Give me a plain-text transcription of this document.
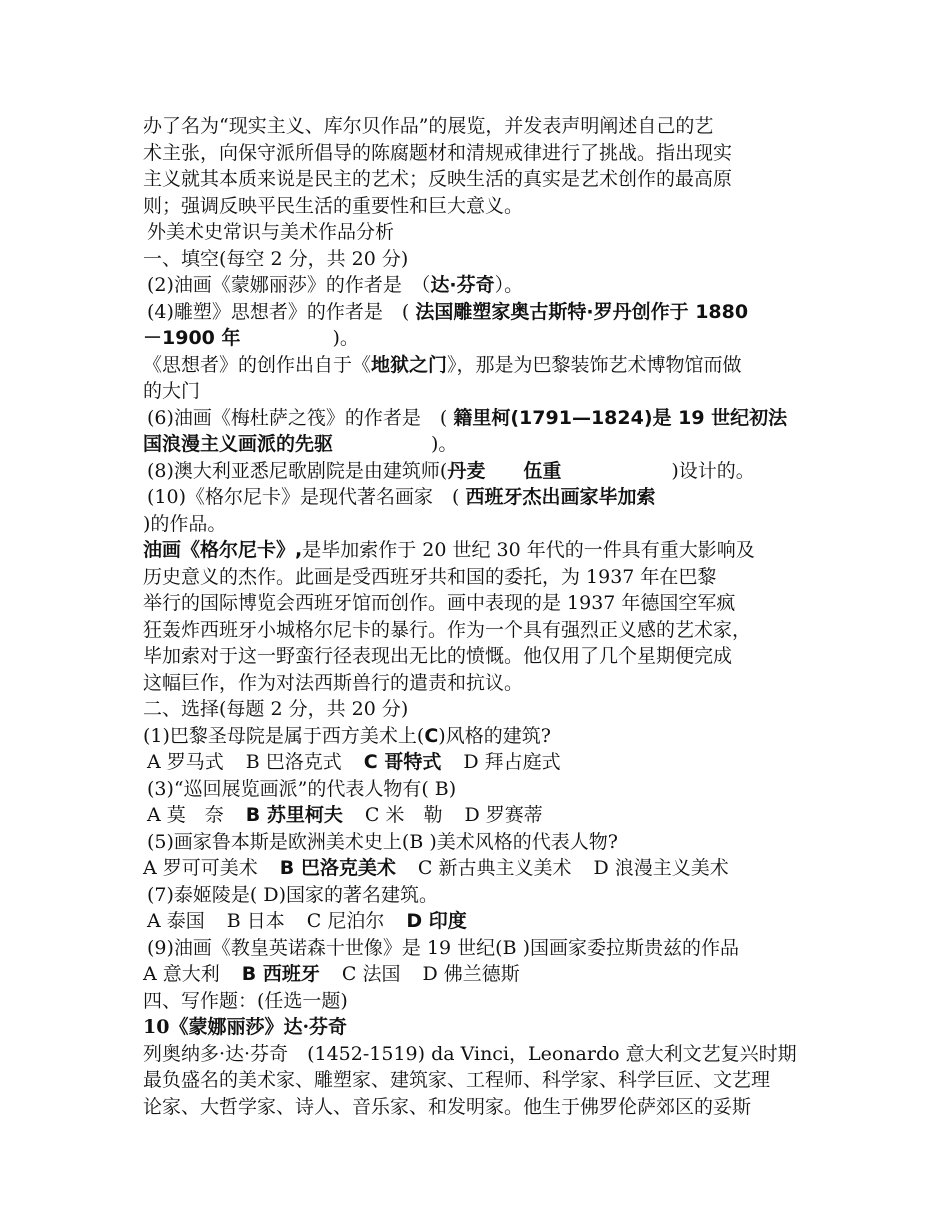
办了名为“现实主义、库尔贝作品”的展览，并发表声明阐述自己的艺
术主张，向保守派所倡导的陈腐题材和清规戒律进行了挑战。指出现实
主义就其本质来说是民主的艺术；反映生活的真实是艺术创作的最高原
则；强调反映平民生活的重要性和巨大意义。
外美术史常识与美术作品分析
一、填空(每空 2 分，共 20 分)
(2)油画《蒙娜丽莎》的作者是　（达·芬奇）。
(4)雕塑》思想者》的作者是　( 法国雕塑家奥古斯特·罗丹创作于 1880
－1900 年	)。
《思想者》的创作出自于《地狱之门》，那是为巴黎装饰艺术博物馆而做
的大门
(6)油画《梅杜萨之筏》的作者是　( 籍里柯(1791—1824)是 19 世纪初法
国浪漫主义画派的先驱	)。
(8)澳大利亚悉尼歌剧院是由建筑师(丹麦 伍重	)设计的。
(10)《格尔尼卡》是现代著名画家　( 西班牙杰出画家毕加索
)的作品。
油画《格尔尼卡》,是毕加索作于 20 世纪 30 年代的一件具有重大影响及
历史意义的杰作。此画是受西班牙共和国的委托，为 1937 年在巴黎
举行的国际博览会西班牙馆而创作。画中表现的是 1937 年德国空军疯
狂轰炸西班牙小城格尔尼卡的暴行。作为一个具有强烈正义感的艺术家，
毕加索对于这一野蛮行径表现出无比的愤慨。他仅用了几个星期便完成
这幅巨作，作为对法西斯兽行的遣责和抗议。
二、选择(每题 2 分，共 20 分)
(1)巴黎圣母院是属于西方美术上(C)风格的建筑?
A 罗马式 B 巴洛克式 C 哥特式 D 拜占庭式
(3)“巡回展览画派”的代表人物有( B)
A 莫　奈 B 苏里柯夫 C 米　勒 D 罗赛蒂
(5)画家鲁本斯是欧洲美术史上(B )美术风格的代表人物?
A 罗可可美术 B 巴洛克美术 C 新古典主义美术 D 浪漫主义美术
(7)泰姬陵是( D)国家的著名建筑。
A 泰国 B 日本 C 尼泊尔 D 印度
(9)油画《教皇英诺森十世像》是 19 世纪(B )国画家委拉斯贵兹的作品
A 意大利 B 西班牙 C 法国 D 佛兰德斯
四、写作题：(任选一题)
10《蒙娜丽莎》达·芬奇
列奥纳多·达·芬奇　(1452-1519) da Vinci，Leonardo 意大利文艺复兴时期
最负盛名的美术家、雕塑家、建筑家、工程师、科学家、科学巨匠、文艺理
论家、大哲学家、诗人、音乐家、和发明家。他生于佛罗伦萨郊区的妥斯
